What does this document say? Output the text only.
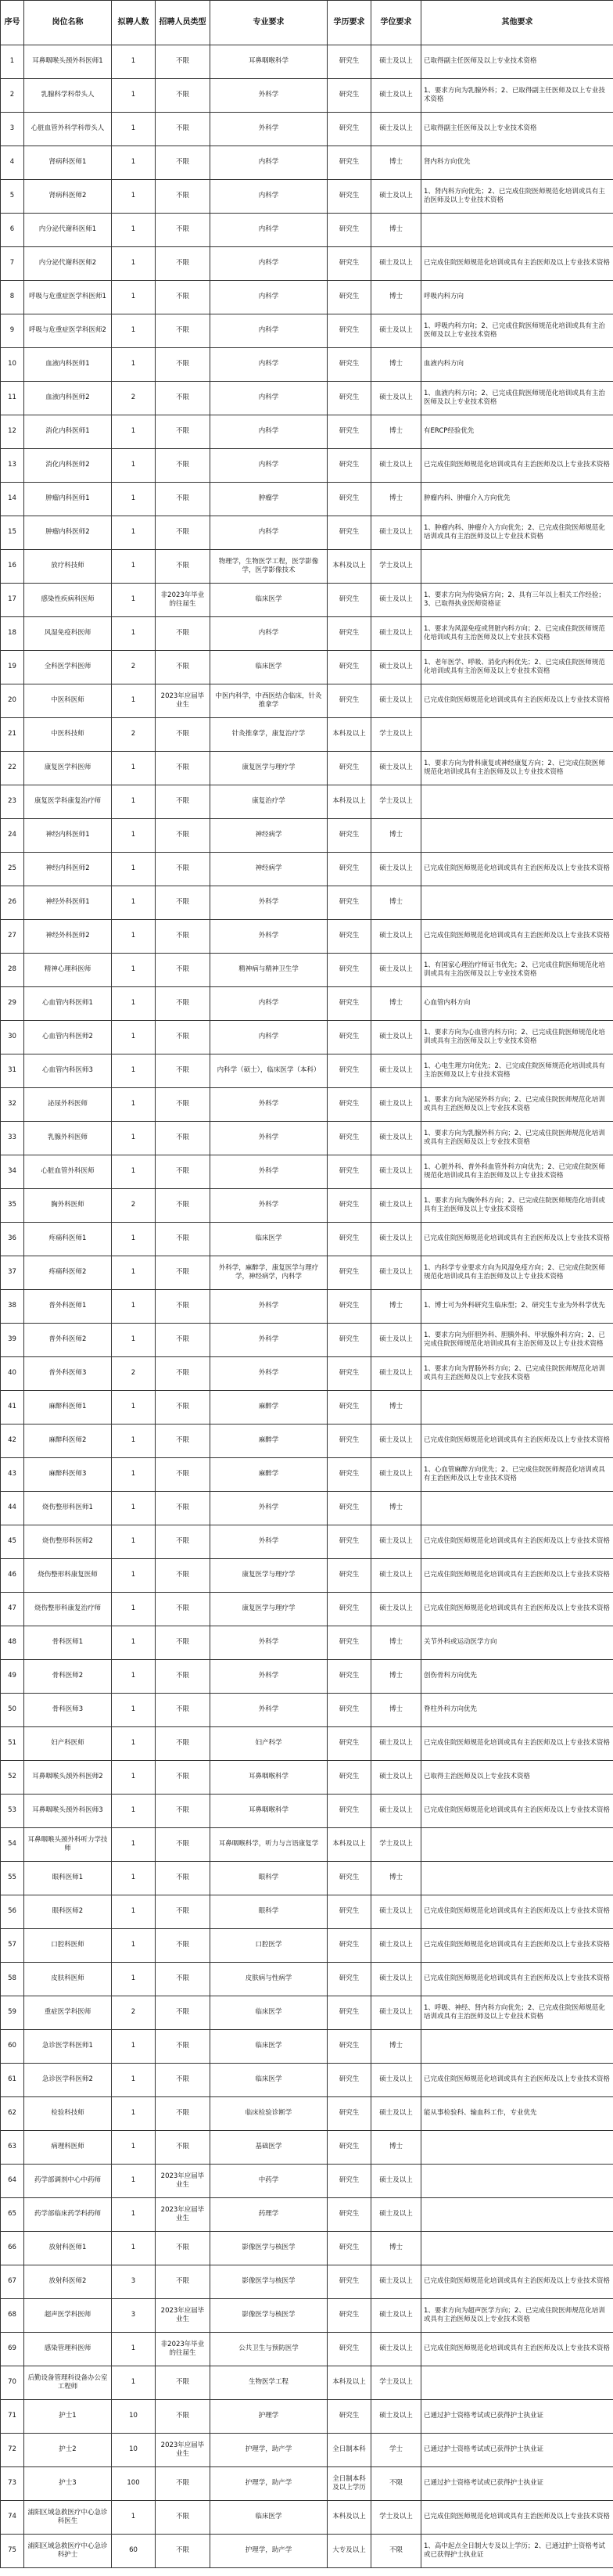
序号	岗位名称	拟聘人数	招聘人员类型	专业要求	学历要求	学位要求	其他要求
1	耳鼻咽喉头颈外科医师1	1	不限	耳鼻咽喉科学	研究生	硕士及以上	已取得副主任医师及以上专业技术资格
2	乳腺科学科带头人	1	不限	外科学	研究生	硕士及以上	1、要求方向为乳腺外科；2、已取得副主任医师及以上专业技术资格
3	心脏血管外科学科带头人	1	不限	外科学	研究生	硕士及以上	已取得副主任医师及以上专业技术资格
4	肾病科医师1	1	不限	内科学	研究生	博士	肾内科方向优先
5	肾病科医师2	1	不限	内科学	研究生	硕士及以上	1、肾内科方向优先；2、已完成住院医师规范化培训或具有主治医师及以上专业技术资格
6	内分泌代谢科医师1	1	不限	内科学	研究生	博士	
7	内分泌代谢科医师2	1	不限	内科学	研究生	硕士及以上	已完成住院医师规范化培训或具有主治医师及以上专业技术资格
8	呼吸与危重症医学科医师1	1	不限	内科学	研究生	博士	呼吸内科方向
9	呼吸与危重症医学科医师2	1	不限	内科学	研究生	硕士及以上	1、呼吸内科方向；2、已完成住院医师规范化培训或具有主治医师及以上专业技术资格
10	血液内科医师1	1	不限	内科学	研究生	博士	血液内科方向
11	血液内科医师2	2	不限	内科学	研究生	硕士及以上	1、血液内科方向；2、已完成住院医师规范化培训或具有主治医师及以上专业技术资格
12	消化内科医师1	1	不限	内科学	研究生	博士	有ERCP经验优先
13	消化内科医师2	1	不限	内科学	研究生	硕士及以上	已完成住院医师规范化培训或具有主治医师及以上专业技术资格
14	肿瘤内科医师1	1	不限	肿瘤学	研究生	博士	肿瘤内科、肿瘤介入方向优先
15	肿瘤内科医师2	1	不限	内科学	研究生	硕士及以上	1、肿瘤内科、肿瘤介入方向优先；2、已完成住院医师规范化培训或具有主治医师及以上专业技术资格
16	放疗科技师	1	不限	物理学，生物医学工程，医学影像学，医学影像技术	本科及以上	学士及以上	
17	感染性疾病科医师	1	非2023年毕业的往届生	临床医学	研究生	硕士及以上	1、要求方向为传染病方向；2、具有三年以上相关工作经验；3、已取得执业医师资格证
18	风湿免疫科医师	1	不限	内科学	研究生	硕士及以上	1、要求为风湿免疫或肾脏内科方向；2、已完成住院医师规范化培训或具有主治医师及以上专业技术资格
19	全科医学科医师	2	不限	临床医学	研究生	硕士及以上	1、老年医学、呼吸、消化内科优先；2、已完成住院医师规范化培训或具有主治医师及以上专业技术资格
20	中医科医师	1	2023年应届毕业生	中医内科学，中西医结合临床，针灸推拿学	研究生	硕士及以上	已完成住院医师规范化培训或具有主治医师及以上专业技术资格
21	中医科技师	2	不限	针灸推拿学，康复治疗学	本科及以上	学士及以上	
22	康复医学科医师	1	不限	康复医学与理疗学	研究生	硕士及以上	1、要求方向为骨科康复或神经康复方向；2、已完成住院医师规范化培训或具有主治医师及以上专业技术资格
23	康复医学科康复治疗师	1	不限	康复治疗学	本科及以上	学士及以上	
24	神经内科医师1	1	不限	神经病学	研究生	博士	
25	神经内科医师2	1	不限	神经病学	研究生	硕士及以上	已完成住院医师规范化培训或具有主治医师及以上专业技术资格
26	神经外科医师1	1	不限	外科学	研究生	博士	
27	神经外科医师2	1	不限	外科学	研究生	硕士及以上	已完成住院医师规范化培训或具有主治医师及以上专业技术资格
28	精神心理科医师	1	不限	精神病与精神卫生学	研究生	硕士及以上	1、有国家心理治疗师证书优先；2、已完成住院医师规范化培训或具有主治医师及以上专业技术资格
29	心血管内科医师1	1	不限	内科学	研究生	博士	心血管内科方向
30	心血管内科医师2	1	不限	内科学	研究生	硕士及以上	1、要求方向为心血管内科方向；2、已完成住院医师规范化培训或具有主治医师及以上专业技术资格
31	心血管内科医师3	1	不限	内科学（硕士），临床医学（本科）	研究生	硕士及以上	1、心电生理方向优先；2、已完成住院医师规范化培训或具有主治医师及以上专业技术资格
32	泌尿外科医师	1	不限	外科学	研究生	硕士及以上	1、要求方向为泌尿外科方向；2、已完成住院医师规范化培训或具有主治医师及以上专业技术资格
33	乳腺外科医师	1	不限	外科学	研究生	硕士及以上	1、要求方向为乳腺外科方向；2、已完成住院医师规范化培训或具有主治医师及以上专业技术资格
34	心脏血管外科医师	1	不限	外科学	研究生	硕士及以上	1、心脏外科、普外科血管外科方向优先；2、已完成住院医师规范化培训或具有主治医师及以上专业技术资格
35	胸外科医师	2	不限	外科学	研究生	硕士及以上	1、要求方向为胸外科方向；2、已完成住院医师规范化培训或具有主治医师及以上专业技术资格
36	疼痛科医师1	1	不限	临床医学	研究生	硕士及以上	已完成住院医师规范化培训或具有主治医师及以上专业技术资格
37	疼痛科医师2	1	不限	外科学，麻醉学，康复医学与理疗学，神经病学，内科学	研究生	硕士及以上	1、内科学专业要求方向为风湿免疫方向；2、已完成住院医师规范化培训或具有主治医师及以上专业技术资格
38	普外科医师1	1	不限	外科学	研究生	博士	1、博士可为外科研究生临床型；2、研究生专业为外科学优先
39	普外科医师2	1	不限	外科学	研究生	硕士及以上	1、要求方向为肝胆外科、胆胰外科、甲状腺外科方向；2、已完成住院医师规范化培训或具有主治医师及以上专业技术资格
40	普外科医师3	2	不限	外科学	研究生	硕士及以上	1、要求方向为胃肠外科方向；2、已完成住院医师规范化培训或具有主治医师及以上专业技术资格
41	麻醉科医师1	1	不限	麻醉学	研究生	博士	
42	麻醉科医师2	1	不限	麻醉学	研究生	硕士及以上	已完成住院医师规范化培训或具有主治医师及以上专业技术资格
43	麻醉科医师3	1	不限	麻醉学	研究生	硕士及以上	1、心血管麻醉方向优先；2、已完成住院医师规范化培训或具有主治医师及以上专业技术资格
44	烧伤整形科医师1	1	不限	外科学	研究生	博士	
45	烧伤整形科医师2	1	不限	外科学	研究生	硕士及以上	已完成住院医师规范化培训或具有主治医师及以上专业技术资格
46	烧伤整形科康复医师	1	不限	康复医学与理疗学	研究生	硕士及以上	已完成住院医师规范化培训或具有主治医师及以上专业技术资格
47	烧伤整形科康复治疗师	1	不限	康复医学与理疗学	研究生	硕士及以上	已完成住院医师规范化培训或具有主治医师及以上专业技术资格
48	骨科医师1	1	不限	外科学	研究生	博士	关节外科或运动医学方向
49	骨科医师2	1	不限	外科学	研究生	博士	创伤骨科方向优先
50	骨科医师3	1	不限	外科学	研究生	博士	脊柱外科方向优先
51	妇产科医师	1	不限	妇产科学	研究生	硕士及以上	已完成住院医师规范化培训或具有主治医师及以上专业技术资格
52	耳鼻咽喉头颈外科医师2	1	不限	耳鼻咽喉科学	研究生	硕士及以上	已取得主治医师及以上专业技术资格
53	耳鼻咽喉头颈外科医师3	1	不限	耳鼻咽喉科学	研究生	硕士及以上	已完成住院医师规范化培训或具有主治医师及以上专业技术资格
54	耳鼻咽喉头颈外科听力学技师	1	不限	耳鼻咽喉科学，听力与言语康复学	本科及以上	学士及以上	
55	眼科医师1	1	不限	眼科学	研究生	博士	
56	眼科医师2	1	不限	眼科学	研究生	硕士及以上	已完成住院医师规范化培训或具有主治医师及以上专业技术资格
57	口腔科医师	1	不限	口腔医学	研究生	硕士及以上	已完成住院医师规范化培训或具有主治医师及以上专业技术资格
58	皮肤科医师	1	不限	皮肤病与性病学	研究生	硕士及以上	已完成住院医师规范化培训或具有主治医师及以上专业技术资格
59	重症医学科医师	2	不限	临床医学	研究生	硕士及以上	1、呼吸、神经、肾内科方向优先；2、已完成住院医师规范化培训或具有主治医师及以上专业技术资格
60	急诊医学科医师1	1	不限	临床医学	研究生	博士	
61	急诊医学科医师2	1	不限	临床医学	研究生	硕士及以上	已完成住院医师规范化培训或具有主治医师及以上专业技术资格
62	检验科技师	1	不限	临床检验诊断学	研究生	硕士及以上	能从事检验科、输血科工作，专业优先
63	病理科医师	1	不限	基础医学	研究生	博士	
64	药学部调剂中心中药师	1	2023年应届毕业生	中药学	研究生	硕士及以上	
65	药学部临床药学科药师	1	2023年应届毕业生	药理学	研究生	硕士及以上	
66	放射科医师1	1	不限	影像医学与核医学	研究生	博士	
67	放射科医师2	3	不限	影像医学与核医学	研究生	硕士及以上	已完成住院医师规范化培训或具有主治医师及以上专业技术资格
68	超声医学科医师	3	2023年应届毕业生	影像医学与核医学	研究生	硕士及以上	1、要求方向为超声医学方向；2、已完成住院医师规范化培训或具有主治医师及以上专业技术资格
69	感染管理科医师	1	非2023年毕业的往届生	公共卫生与预防医学	研究生	硕士及以上	已完成住院医师规范化培训或具有主治医师及以上专业技术资格
70	后勤设备管理科设备办公室工程师	1	不限	生物医学工程	本科及以上	学士及以上	
71	护士1	10	不限	护理学	研究生	硕士及以上	已通过护士资格考试或已获得护士执业证
72	护士2	10	2023年应届毕业生	护理学，助产学	全日制本科	学士	已通过护士资格考试或已获得护士执业证
73	护士3	100	不限	护理学，助产学	全日制本科及以上学历	不限	已通过护士资格考试或已获得护士执业证
74	浦阳区域急救医疗中心急诊科医生	1	不限	临床医学	本科及以上	学士及以上	已完成住院医师规范化培训或具有主治医师及以上专业技术资格
75	浦阳区域急救医疗中心急诊科护士	60	不限	护理学，助产学	大专及以上	不限	1、高中起点全日制大专及以上学历；2、已通过护士资格考试或已获得护士执业证
